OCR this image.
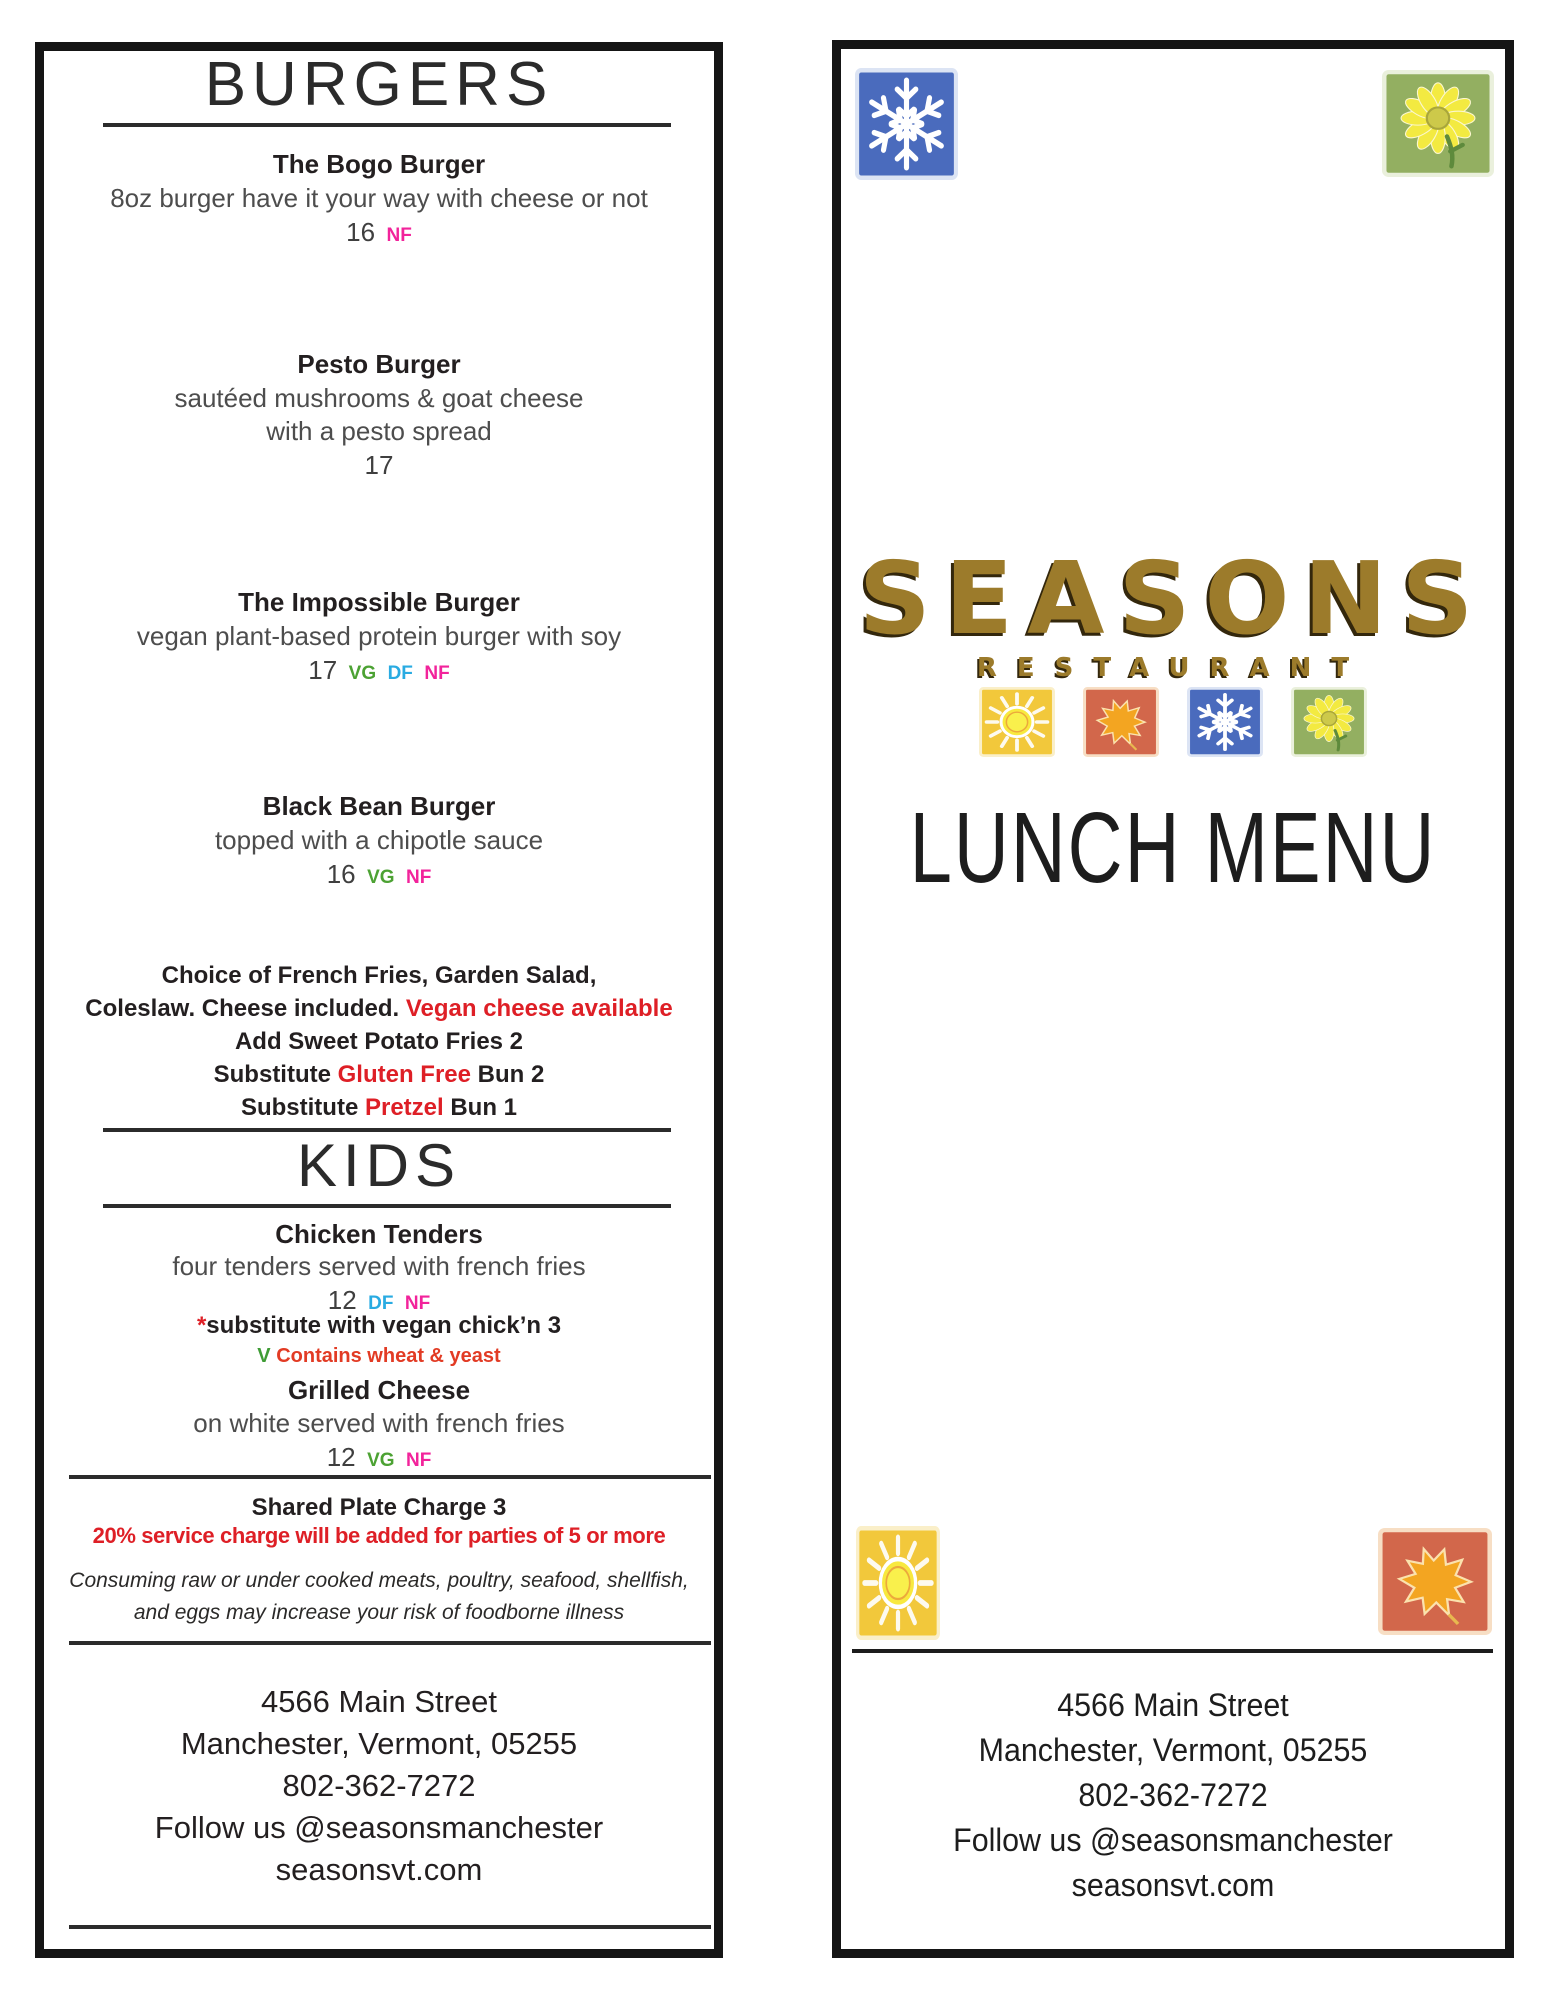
BURGERS
The Bogo Burger
8oz burger have it your way with cheese or not
16 NF
Pesto Burger
sautéed mushrooms & goat cheese
with a pesto spread
17
The Impossible Burger
vegan plant-based protein burger with soy
17 VG DF NF
Black Bean Burger
topped with a chipotle sauce
16 VG NF
Choice of French Fries, Garden Salad,
Coleslaw. Cheese included. Vegan cheese available
Add Sweet Potato Fries 2
Substitute Gluten Free Bun 2
Substitute Pretzel Bun 1
KIDS
Chicken Tenders
four tenders served with french fries
12 DF NF
*substitute with vegan chick’n 3
V Contains wheat & yeast
Grilled Cheese
on white served with french fries
12 VG NF
Shared Plate Charge 3
20% service charge will be added for parties of 5 or more
Consuming raw or under cooked meats, poultry, seafood, shellfish,
and eggs may increase your risk of foodborne illness
4566 Main Street
Manchester, Vermont, 05255
802-362-7272
Follow us @seasonsmanchester
seasonsvt.com
SEASONS
RESTAURANT
LUNCH MENU
4566 Main Street
Manchester, Vermont, 05255
802-362-7272
Follow us @seasonsmanchester
seasonsvt.com
